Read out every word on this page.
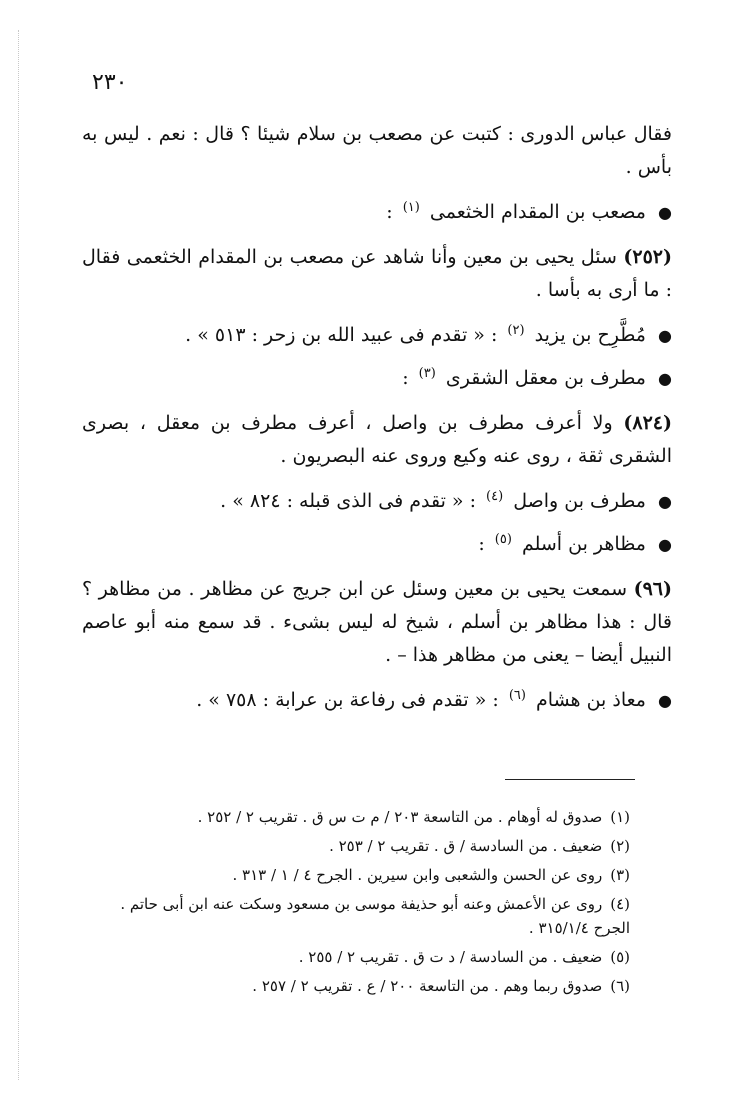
٢٣٠

فقال عباس الدورى : كتبت عن مصعب بن سلام شيئا ؟ قال : نعم . ليس به بأس .

● مصعب بن المقدام الخثعمى $^{(١)}$ :

(٢٥٢) سئل يحيى بن معين وأنا شاهد عن مصعب بن المقدام الخثعمى فقال : ما أرى به بأسا .

● مُطَّرِح بن يزيد $^{(٢)}$ : « تقدم فى عبيد الله بن زحر : ٥١٣ » .

● مطرف بن معقل الشقرى $^{(٣)}$ :

(٨٢٤) ولا أعرف مطرف بن واصل ، أعرف مطرف بن معقل ، بصرى الشقرى ثقة ، روى عنه وكيع وروى عنه البصريون .

● مطرف بن واصل $^{(٤)}$ : « تقدم فى الذى قبله : ٨٢٤ » .

● مظاهر بن أسلم $^{(٥)}$ :

(٩٦) سمعت يحيى بن معين وسئل عن ابن جريج عن مظاهر . من مظاهر ؟ قال : هذا مظاهر بن أسلم ، شيخ له ليس بشىء . قد سمع منه أبو عاصم النبيل أيضا – يعنى من مظاهر هذا – .

● معاذ بن هشام $^{(٦)}$ : « تقدم فى رفاعة بن عرابة : ٧٥٨ » .

(١)صدوق له أوهام . من التاسعة ٢٠٣ / م ت س ق . تقريب ٢ / ٢٥٢ .

(٢)ضعيف . من السادسة / ق . تقريب ٢ / ٢٥٣ .

(٣)روى عن الحسن والشعبى وابن سيرين . الجرح ٤ / ١ / ٣١٣ .

(٤)روى عن الأعمش وعنه أبو حذيفة موسى بن مسعود وسكت عنه ابن أبى حاتم . الجرح ٣١٥/١/٤ .

(٥)ضعيف . من السادسة / د ت ق . تقريب ٢ / ٢٥٥ .

(٦)صدوق ربما وهم . من التاسعة ٢٠٠ / ع . تقريب ٢ / ٢٥٧ .
